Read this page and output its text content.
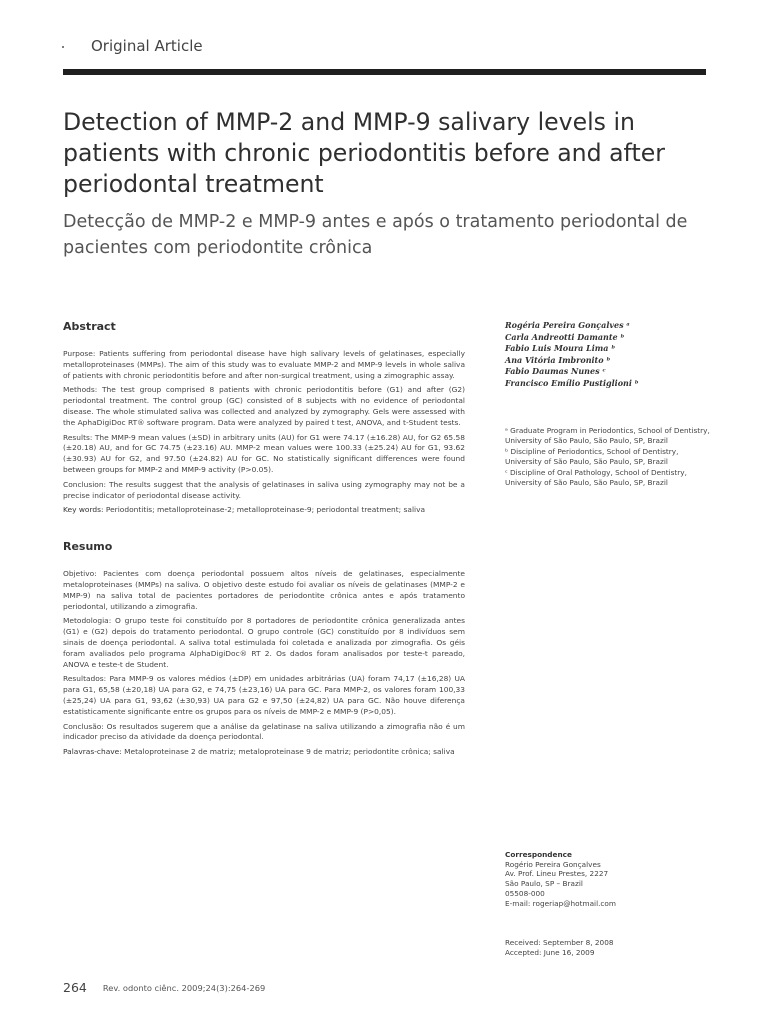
Original Article
Detection of MMP-2 and MMP-9 salivary levels in patients with chronic periodontitis before and after periodontal treatment
Detecção de MMP-2 e MMP-9 antes e após o tratamento periodontal de pacientes com periodontite crônica
Abstract

Purpose: Patients suffering from periodontal disease have high salivary levels of gelatinases, especially metalloproteinases (MMPs). The aim of this study was to evaluate MMP-2 and MMP-9 levels in whole saliva of patients with chronic periodontitis before and after non-surgical treatment, using a zimographic assay.

Methods: The test group comprised 8 patients with chronic periodontitis before (G1) and after (G2) periodontal treatment. The control group (GC) consisted of 8 subjects with no evidence of periodontal disease. The whole stimulated saliva was collected and analyzed by zymography. Gels were assessed with the AphaDigiDoc RT® software program. Data were analyzed by paired t test, ANOVA, and t-Student tests.

Results: The MMP-9 mean values (±SD) in arbitrary units (AU) for G1 were 74.17 (±16.28) AU, for G2 65.58 (±20.18) AU, and for GC 74.75 (±23.16) AU. MMP-2 mean values were 100.33 (±25.24) AU for G1, 93.62 (±30.93) AU for G2, and 97.50 (±24.82) AU for GC. No statistically significant differences were found between groups for MMP-2 and MMP-9 activity (P>0.05).

Conclusion: The results suggest that the analysis of gelatinases in saliva using zymography may not be a precise indicator of periodontal disease activity.

Key words: Periodontitis; metalloproteinase-2; metalloproteinase-9; periodontal treatment; saliva

Resumo

Objetivo: Pacientes com doença periodontal possuem altos níveis de gelatinases, especialmente metaloproteinases (MMPs) na saliva. O objetivo deste estudo foi avaliar os níveis de gelatinases (MMP-2 e MMP-9) na saliva total de pacientes portadores de periodontite crônica antes e após tratamento periodontal, utilizando a zimografia.

Metodologia: O grupo teste foi constituído por 8 portadores de periodontite crônica generalizada antes (G1) e (G2) depois do tratamento periodontal. O grupo controle (GC) constituído por 8 indivíduos sem sinais de doença periodontal. A saliva total estimulada foi coletada e analizada por zimografia. Os géis foram avaliados pelo programa AlphaDigiDoc® RT 2. Os dados foram analisados por teste-t pareado, ANOVA e teste-t de Student.

Resultados: Para MMP-9 os valores médios (±DP) em unidades arbitrárias (UA) foram 74,17 (±16,28) UA para G1, 65,58 (±20,18) UA para G2, e 74,75 (±23,16) UA para GC. Para MMP-2, os valores foram 100,33 (±25,24) UA para G1, 93,62 (±30,93) UA para G2 e 97,50 (±24,82) UA para GC. Não houve diferença estatisticamente significante entre os grupos para os níveis de MMP-2 e MMP-9 (P>0,05).

Conclusão: Os resultados sugerem que a análise da gelatinase na saliva utilizando a zimografia não é um indicador preciso da atividade da doença periodontal.

Palavras-chave: Metaloproteinase 2 de matriz; metaloproteinase 9 de matriz; periodontite crônica; saliva

Rogéria Pereira Gonçalves ᵃ
Carla Andreotti Damante ᵇ
Fabio Luis Moura Lima ᵇ
Ana Vitória Imbronito ᵇ
Fabio Daumas Nunes ᶜ
Francisco Emílio Pustiglioni ᵇ

ᵃ Graduate Program in Periodontics, School of Dentistry, University of São Paulo, São Paulo, SP, Brazil

ᵇ Discipline of Periodontics, School of Dentistry, University of São Paulo, São Paulo, SP, Brazil

ᶜ Discipline of Oral Pathology, School of Dentistry, University of São Paulo, São Paulo, SP, Brazil

Correspondence
Rogério Pereira Gonçalves
Av. Prof. Lineu Prestes, 2227
São Paulo, SP – Brazil
05508-000
E-mail: rogeriap@hotmail.com
Received: September 8, 2008
Accepted: June 16, 2009
264 Rev. odonto ciênc. 2009;24(3):264-269
